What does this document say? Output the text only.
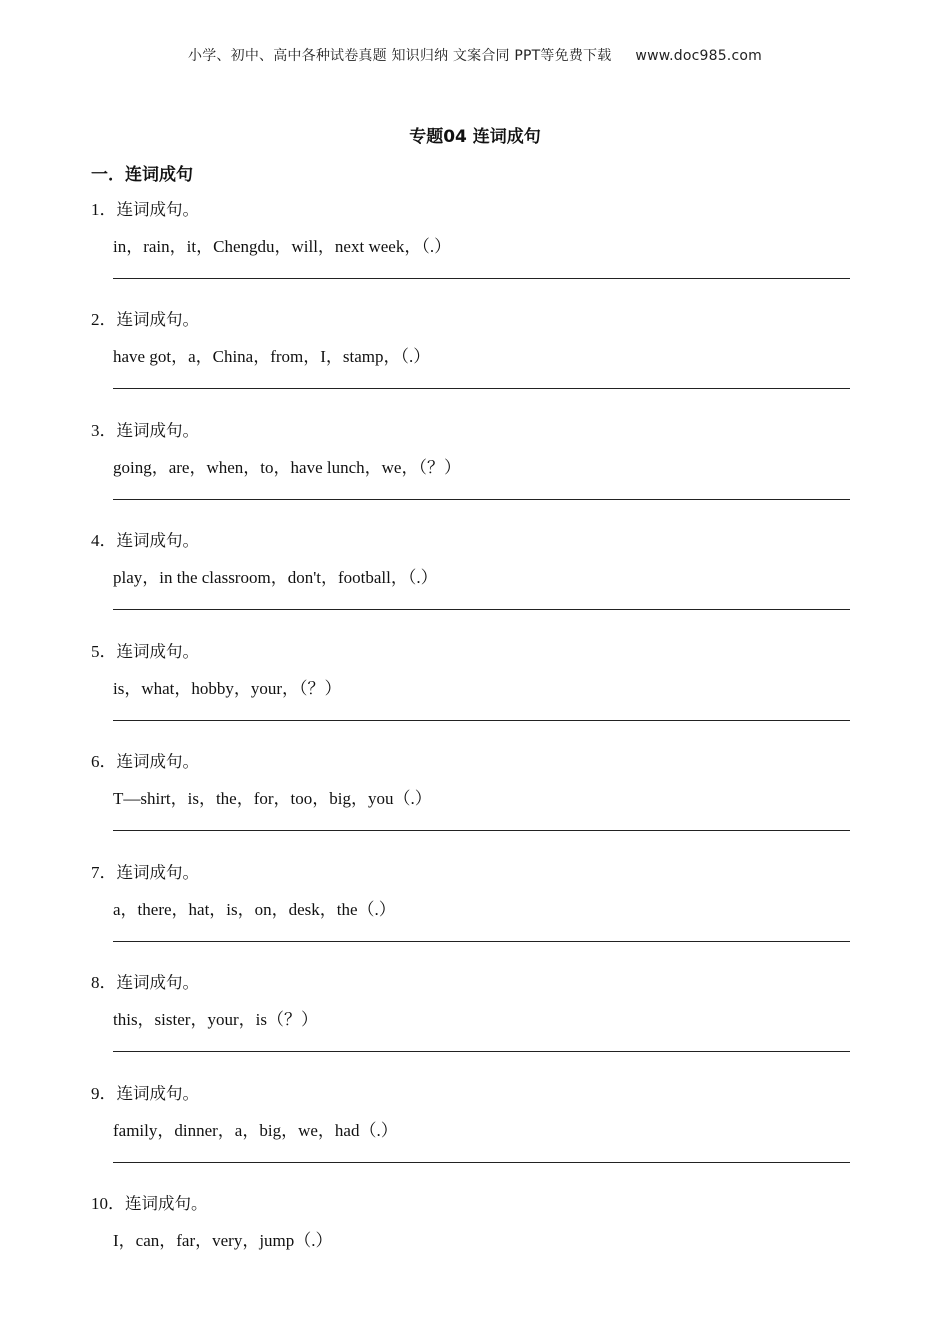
小学、初中、高中各种试卷真题 知识归纳 文案合同 PPT等免费下载 www.doc985.com
专题04 连词成句
一．连词成句
1．连词成句。
in，rain，it，Chengdu，will，next week，（.）
2．连词成句。
have got，a，China，from，I，stamp，（.）
3．连词成句。
going，are，when，to，have lunch，we，（？）
4．连词成句。
play，in the classroom，don't，football，（.）
5．连词成句。
is，what，hobby，your，（？）
6．连词成句。
T—shirt，is，the，for，too，big，you（.）
7．连词成句。
a，there，hat，is，on，desk，the（.）
8．连词成句。
this，sister，your，is（？）
9．连词成句。
family，dinner，a，big，we，had（.）
10．连词成句。
I，can，far，very，jump（.）
